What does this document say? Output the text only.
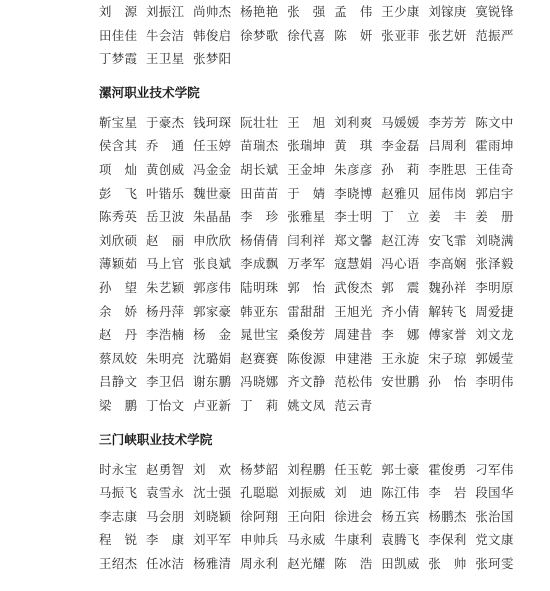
刘　源  刘振江  尚帅杰  杨艳艳  张　强  孟　伟  王少康  刘镓庚  寞锐锋
田佳佳  牛会洁  韩俊启  徐梦歌  徐代喜  陈　妍  张亚菲  张艺妍  范振严
丁梦霞  王卫星  张梦阳
漯河职业技术学院
靳宝星  于豪杰  钱珂琛  阮壮壮  王　旭  刘利爽  马媛媛  李芳芳  陈文中
侯含其  乔　通  任玉婷  苗瑞杰  张瑞坤  黄　琪  李金磊  吕周利  霍雨坤
项　灿  黄创威  冯金金  胡长斌  王金坤  朱彦彦  孙　莉  李胜思  王佳奇
彭　飞  叶锴乐  魏世豪  田苗苗  于　婧  李晓博  赵雅贝  屈伟岗  郭启宇
陈秀英  岳卫波  朱晶晶  李　珍  张雅星  李士明  丁　立  姜　丰  姜　册
刘欣硕  赵　丽  申欣欣  杨倩倩  闫利祥  郑文馨  赵江涛  安飞霏  刘晓满
薄颖茹  马上官  张良斌  李成飘  万孝军  寇慧娟  冯心语  李高娴  张泽毅
孙　望  朱艺颖  郭彦伟  陆明珠  郭　怡  武俊杰  郭　震  魏孙祥  李明原
余　娇  杨丹萍  郭家豪  韩亚东  雷甜甜  王旭光  齐小倩  解转飞  周爱捷
赵　丹  李浩楠  杨　金  晁世宝  桑俊芳  周建昔  李　娜  傅家誉  刘文龙
蔡凤姣  朱明亮  沈璐娟  赵赛赛  陈俊源  申建港  王永旋  宋子琼  郭媛莹
吕静文  李卫侣  谢东鹏  冯晓娜  齐文静  范松伟  安世鹏  孙　怡  李明伟
梁　鹏  丁怡文  卢亚新  丁　莉  姚文凤  范云青
三门峡职业技术学院
时永宝  赵勇智  刘　欢  杨梦韶  刘程鹏  任玉乾  郭士豪  霍俊勇  刁军伟
马振飞  袁雪永  沈士强  孔聪聪  刘振威  刘　迪  陈江伟  李　岩  段国华
李志康  马会朋  刘晓颖  徐阿翔  王向阳  徐进会  杨五宾  杨鹏杰  张治国
程　锐  李　康  刘平军  申帅兵  马永威  牛康利  袁腾飞  李保利  党文康
王绍杰  任冰洁  杨雅清  周永利  赵光耀  陈　浩  田凯威  张　帅  张珂雯
